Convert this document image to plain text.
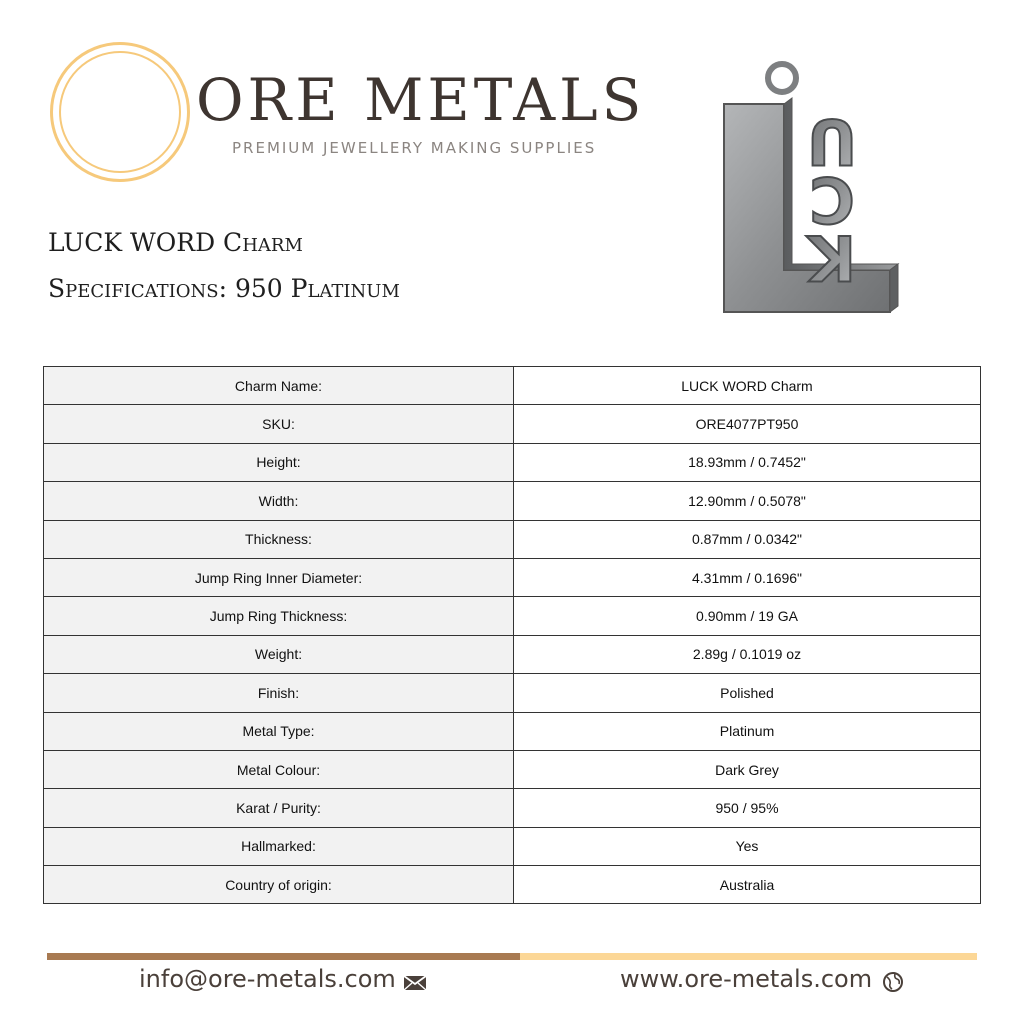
ORE METALS
PREMIUM JEWELLERY MAKING SUPPLIES
LUCK WORD Charm
Specifications: 950 Platinum
U
C
K
Charm Name:	LUCK WORD Charm
SKU:	ORE4077PT950
Height:	18.93mm / 0.7452"
Width:	12.90mm / 0.5078"
Thickness:	0.87mm / 0.0342"
Jump Ring Inner Diameter:	4.31mm / 0.1696"
Jump Ring Thickness:	0.90mm / 19 GA
Weight:	2.89g / 0.1019 oz
Finish:	Polished
Metal Type:	Platinum
Metal Colour:	Dark Grey
Karat / Purity:	950 / 95%
Hallmarked:	Yes
Country of origin:	Australia
info@ore-metals.com	www.ore-metals.com
